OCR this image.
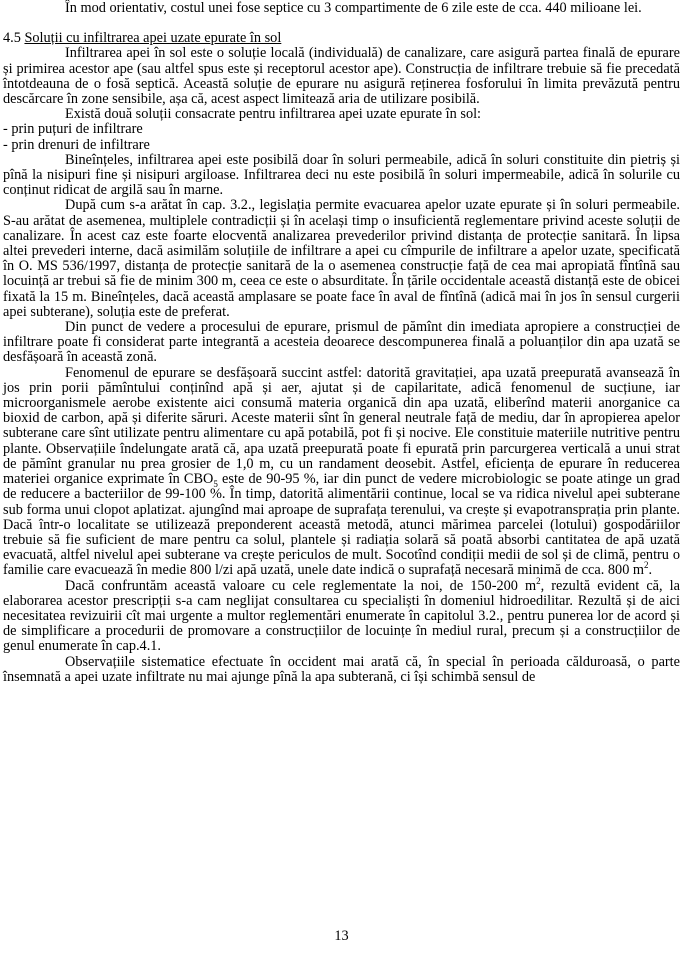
În mod orientativ, costul unei fose septice cu 3 compartimente de 6 zile este de cca. 440 milioane lei.

4.5 Soluții cu infiltrarea apei uzate epurate în sol

Infiltrarea apei în sol este o soluție locală (individuală) de canalizare, care asigură partea finală de epurare și primirea acestor ape (sau altfel spus este și receptorul acestor ape). Construcția de infiltrare trebuie să fie precedată întotdeauna de o fosă septică. Această soluție de epurare nu asigură reținerea fosforului în limita prevăzută pentru descărcare în zone sensibile, așa că, acest aspect limitează aria de utilizare posibilă.

Există două soluții consacrate pentru infiltrarea apei uzate epurate în sol:

- prin puțuri de infiltrare

- prin drenuri de infiltrare

Bineînțeles, infiltrarea apei este posibilă doar în soluri permeabile, adică în soluri constituite din pietriș și pînă la nisipuri fine și nisipuri argiloase. Infiltrarea deci nu este posibilă în soluri impermeabile, adică în solurile cu conținut ridicat de argilă sau în marne.

După cum s-a arătat în cap. 3.2., legislația permite evacuarea apelor uzate epurate și în soluri permeabile. S-au arătat de asemenea, multiplele contradicții și în același timp o insuficientă reglementare privind aceste soluții de canalizare. În acest caz este foarte elocventă analizarea prevederilor privind distanța de protecție sanitară. În lipsa altei prevederi interne, dacă asimilăm soluțiile de infiltrare a apei cu cîmpurile de infiltrare a apelor uzate, specificată în O. MS 536/1997, distanța de protecție sanitară de la o asemenea construcție față de cea mai apropiată fîntînă sau locuință ar trebui să fie de minim 300 m, ceea ce este o absurditate. În țările occidentale această distanță este de obicei fixată la 15 m. Bineînțeles, dacă această amplasare se poate face în aval de fîntînă (adică mai în jos în sensul curgerii apei subterane), soluția este de preferat.

Din punct de vedere a procesului de epurare, prismul de pămînt din imediata apropiere a construcției de infiltrare poate fi considerat parte integrantă a acesteia deoarece descompunerea finală a poluanților din apa uzată se desfășoară în această zonă.

Fenomenul de epurare se desfășoară succint astfel: datorită gravitației, apa uzată preepurată avansează în jos prin porii pămîntului conținînd apă și aer, ajutat și de capilaritate, adică fenomenul de sucțiune, iar microorganismele aerobe existente aici consumă materia organică din apa uzată, eliberînd materii anorganice ca bioxid de carbon, apă și diferite săruri. Aceste materii sînt în general neutrale față de mediu, dar în apropierea apelor subterane care sînt utilizate pentru alimentare cu apă potabilă, pot fi și nocive. Ele constituie materiile nutritive pentru plante. Observațiile îndelungate arată că, apa uzată preepurată poate fi epurată prin parcurgerea verticală a unui strat de pămînt granular nu prea grosier de 1,0 m, cu un randament deosebit. Astfel, eficiența de epurare în reducerea materiei organice exprimate în $CBO_5$ este de 90-95 %, iar din punct de vedere microbiologic se poate atinge un grad de reducere a bacteriilor de 99-100 %. În timp, datorită alimentării continue, local se va ridica nivelul apei subterane sub forma unui clopot aplatizat. ajungînd mai aproape de suprafața terenului, va crește și evapotransprația prin plante. Dacă într-o localitate se utilizează preponderent această metodă, atunci mărimea parcelei (lotului) gospodăriilor trebuie să fie suficient de mare pentru ca solul, plantele și radiația solară să poată absorbi cantitatea de apă uzată evacuată, altfel nivelul apei subterane va crește periculos de mult. Socotînd condiții medii de sol și de climă, pentru o familie care evacuează în medie 800 l/zi apă uzată, unele date indică o suprafață necesară minimă de cca. 800 $m^2$.

Dacă confruntăm această valoare cu cele reglementate la noi, de 150-200 $m^2$, rezultă evident că, la elaborarea acestor prescripții s-a cam neglijat consultarea cu specialiști în domeniul hidroedilitar. Rezultă și de aici necesitatea revizuirii cît mai urgente a multor reglementări enumerate în capitolul 3.2., pentru punerea lor de acord și de simplificare a procedurii de promovare a construcțiilor de locuințe în mediul rural, precum și a construcțiilor de genul enumerate în cap.4.1.

Observațiile sistematice efectuate în occident mai arată că, în special în perioada călduroasă, o parte însemnată a apei uzate infiltrate nu mai ajunge pînă la apa subterană, ci își schimbă sensul de

13
